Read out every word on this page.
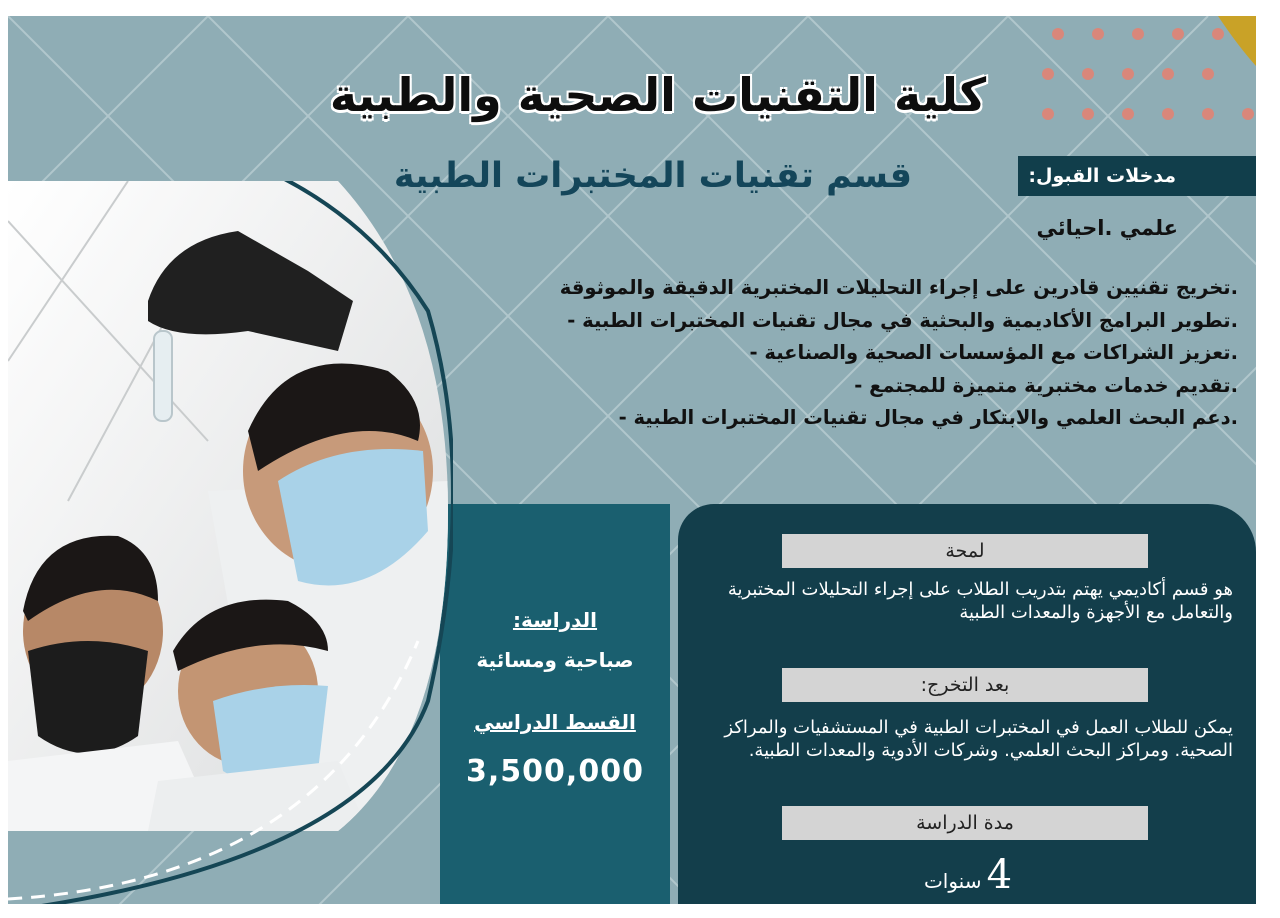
كلية التقنيات الصحية والطبية
قسم تقنيات المختبرات الطبية	مدخلات القبول:
علمي .احيائي
.تخريج تقنيين قادرين على إجراء التحليلات المختبرية الدقيقة والموثوقة
.تطوير البرامج الأكاديمية والبحثية في مجال تقنيات المختبرات الطبية -
.تعزيز الشراكات مع المؤسسات الصحية والصناعية -
.تقديم خدمات مختبرية متميزة للمجتمع -
.دعم البحث العلمي والابتكار في مجال تقنيات المختبرات الطبية -
الدراسة:
صباحية ومسائية
القسط الدراسي
3,500,000
لمحة
هو قسم أكاديمي يهتم بتدريب الطلاب على إجراء التحليلات المختبرية والتعامل مع الأجهزة والمعدات الطبية
بعد التخرج:
يمكن للطلاب العمل في المختبرات الطبية في المستشفيات والمراكز الصحية. ومراكز البحث العلمي. وشركات الأدوية والمعدات الطبية.
مدة الدراسة
4 سنوات
